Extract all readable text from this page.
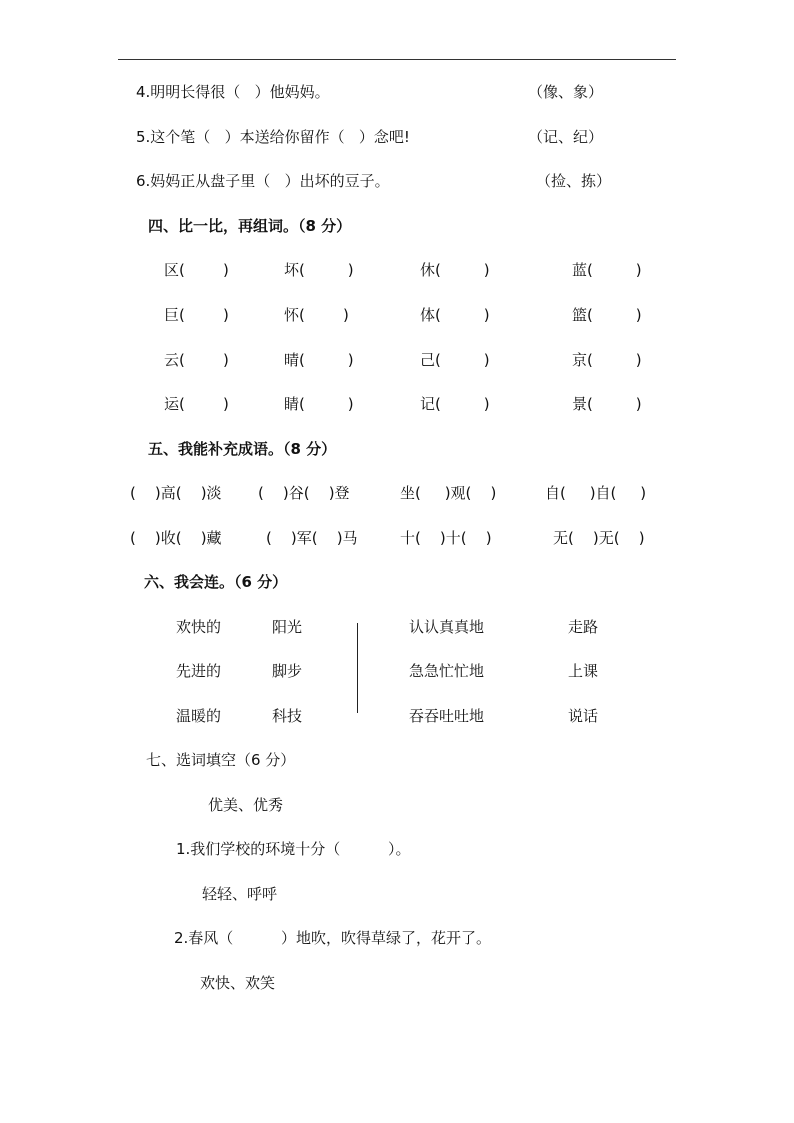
4.明明长得很（   ）他妈妈。	（像、象）
5.这个笔（   ）本送给你留作（   ）念吧!	（记、纪）
6.妈妈正从盘子里（   ）出坏的豆子。	（捡、拣）
四、比一比，再组词。（8 分）
区(        )	坏(         )	休(         )	蓝(         )
巨(        )	怀(        )	体(         )	篮(         )
云(        )	晴(         )	己(         )	京(         )
运(        )	睛(         )	记(         )	景(         )
五、我能补充成语。（8 分）
(    )高(    )淡 (    )谷(    )登	坐(     )观(    )	自(     )自(     )
(    )收(    )藏	(    )军(    )马	十(    )十(    )	无(    )无(    )
六、我会连。（6 分）
欢快的	阳光	认认真真地	走路
先进的	脚步	急急忙忙地	上课
温暖的	科技	吞吞吐吐地	说话
七、选词填空（6 分）
优美、优秀
1.我们学校的环境十分（          ）。
轻轻、呼呼
2.春风（          ）地吹，吹得草绿了，花开了。
欢快、欢笑
